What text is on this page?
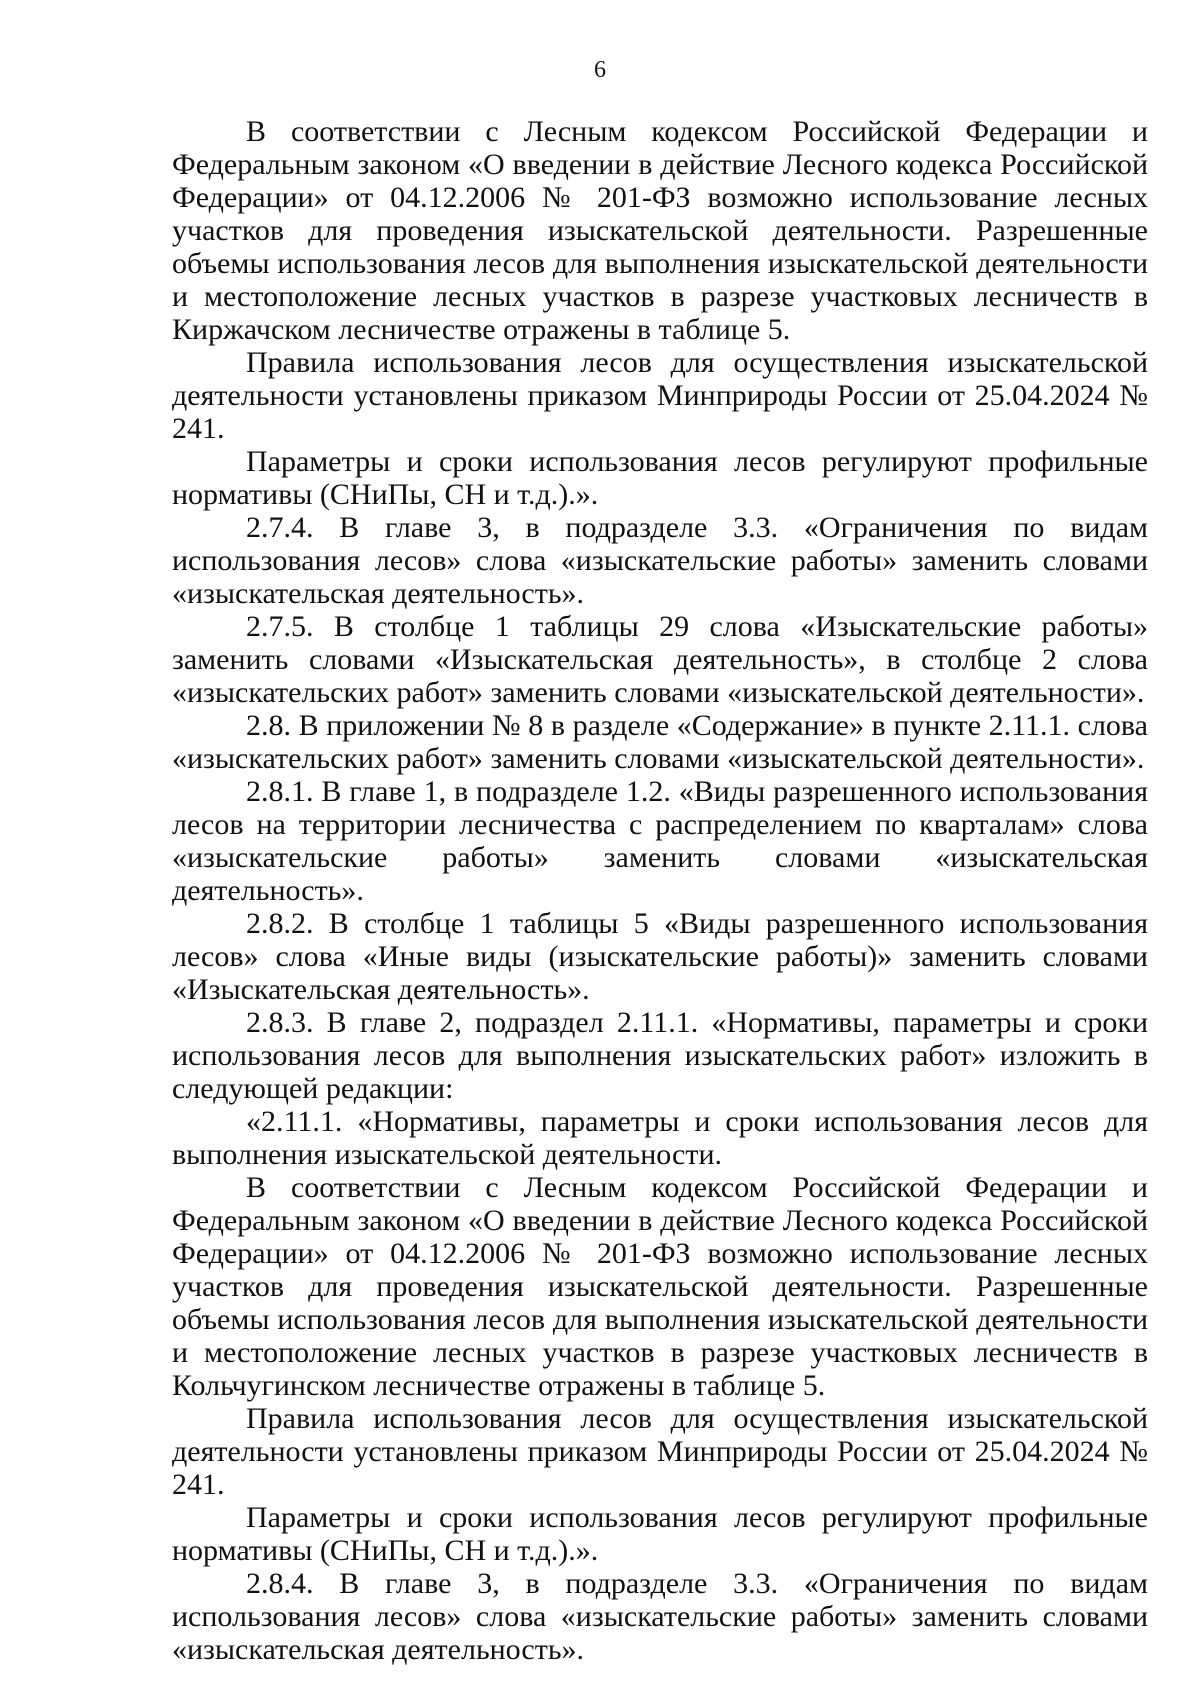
6

В соответствии с Лесным кодексом Российской Федерации и Федеральным законом «О введении в действие Лесного кодекса Российской Федерации» от 04.12.2006 № 201-ФЗ возможно использование лесных участков для проведения изыскательской деятельности. Разрешенные объемы использования лесов для выполнения изыскательской деятельности и местоположение лесных участков в разрезе участковых лесничеств в Киржачском лесничестве отражены в таблице 5.

Правила использования лесов для осуществления изыскательской деятельности установлены приказом Минприроды России от 25.04.2024 № 241.

Параметры и сроки использования лесов регулируют профильные нормативы (СНиПы, СН и т.д.).».

2.7.4. В главе 3, в подразделе 3.3. «Ограничения по видам использования лесов» слова «изыскательские работы» заменить словами «изыскательская деятельность».

2.7.5. В столбце 1 таблицы 29 слова «Изыскательские работы» заменить словами «Изыскательская деятельность», в столбце 2 слова «изыскательских работ» заменить словами «изыскательской деятельности».

2.8. В приложении № 8 в разделе «Содержание» в пункте 2.11.1. слова «изыскательских работ» заменить словами «изыскательской деятельности».

2.8.1. В главе 1, в подразделе 1.2. «Виды разрешенного использования лесов на территории лесничества с распределением по кварталам» слова «изыскательские работы» заменить словами «изыскательская деятельность».

2.8.2. В столбце 1 таблицы 5 «Виды разрешенного использования лесов» слова «Иные виды (изыскательские работы)» заменить словами «Изыскательская деятельность».

2.8.3. В главе 2, подраздел 2.11.1. «Нормативы, параметры и сроки использования лесов для выполнения изыскательских работ» изложить в следующей редакции:

«2.11.1. «Нормативы, параметры и сроки использования лесов для выполнения изыскательской деятельности.

В соответствии с Лесным кодексом Российской Федерации и Федеральным законом «О введении в действие Лесного кодекса Российской Федерации» от 04.12.2006 № 201-ФЗ возможно использование лесных участков для проведения изыскательской деятельности. Разрешенные объемы использования лесов для выполнения изыскательской деятельности и местоположение лесных участков в разрезе участковых лесничеств в Кольчугинском лесничестве отражены в таблице 5.

Правила использования лесов для осуществления изыскательской деятельности установлены приказом Минприроды России от 25.04.2024 № 241.

Параметры и сроки использования лесов регулируют профильные нормативы (СНиПы, СН и т.д.).».

2.8.4. В главе 3, в подразделе 3.3. «Ограничения по видам использования лесов» слова «изыскательские работы» заменить словами «изыскательская деятельность».
